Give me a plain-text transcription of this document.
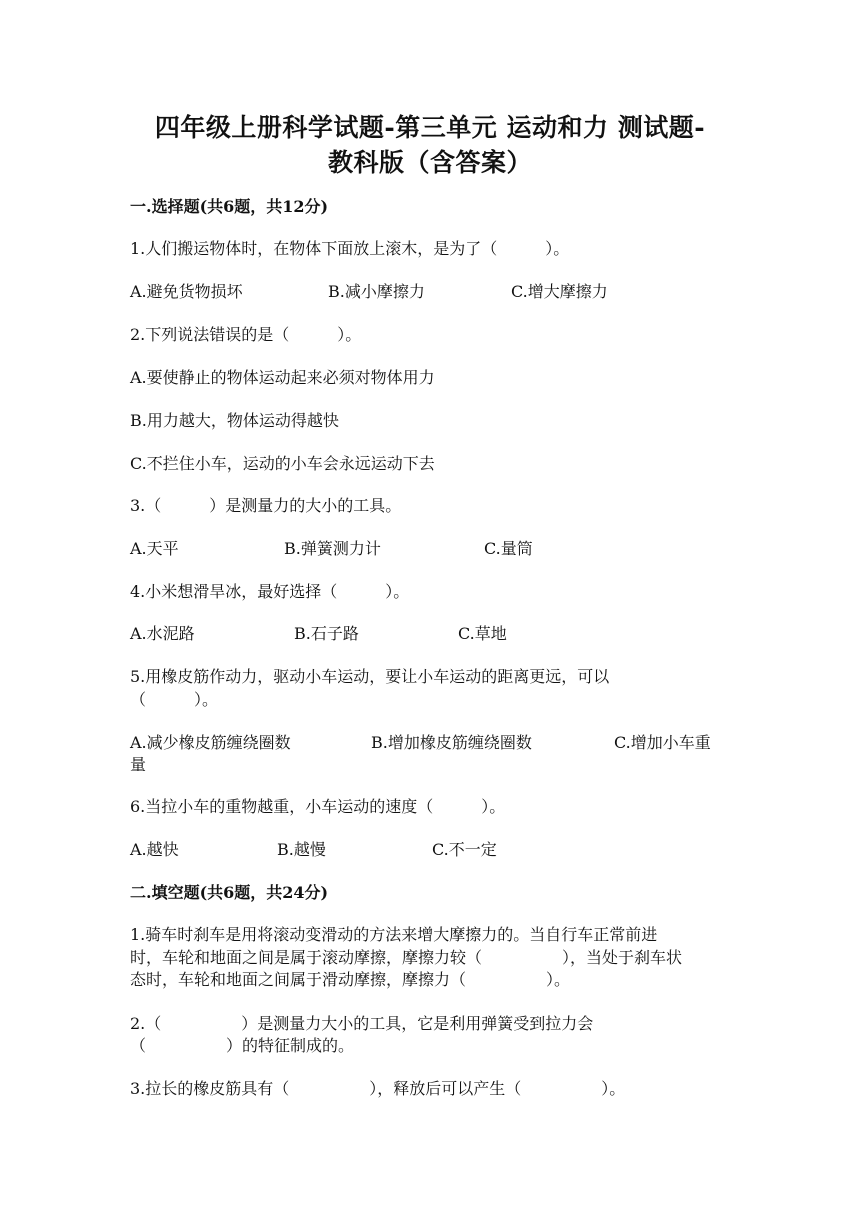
四年级上册科学试题-第三单元 运动和力 测试题-
教科版（含答案）
一.选择题(共6题，共12分)
1.人们搬运物体时，在物体下面放上滚木，是为了（　　　）。
A.避免货物损坏	B.减小摩擦力	C.增大摩擦力
2.下列说法错误的是（　　　）。
A.要使静止的物体运动起来必须对物体用力
B.用力越大，物体运动得越快
C.不拦住小车，运动的小车会永远运动下去
3.（　　　）是测量力的大小的工具。
A.天平	B.弹簧测力计	C.量筒
4.小米想滑旱冰，最好选择（　　　）。
A.水泥路	B.石子路	C.草地
5.用橡皮筋作动力，驱动小车运动，要让小车运动的距离更远，可以
（　　　）。
A.减少橡皮筋缠绕圈数	B.增加橡皮筋缠绕圈数	C.增加小车重
量
6.当拉小车的重物越重，小车运动的速度（　　　）。
A.越快	B.越慢	C.不一定
二.填空题(共6题，共24分)
1.骑车时刹车是用将滚动变滑动的方法来增大摩擦力的。当自行车正常前进
时，车轮和地面之间是属于滚动摩擦，摩擦力较（　　　　　），当处于刹车状
态时，车轮和地面之间属于滑动摩擦，摩擦力（　　　　　）。
2.（　　　　　）是测量力大小的工具，它是利用弹簧受到拉力会
（　　　　　）的特征制成的。
3.拉长的橡皮筋具有（　　　　　），释放后可以产生（　　　　　）。
